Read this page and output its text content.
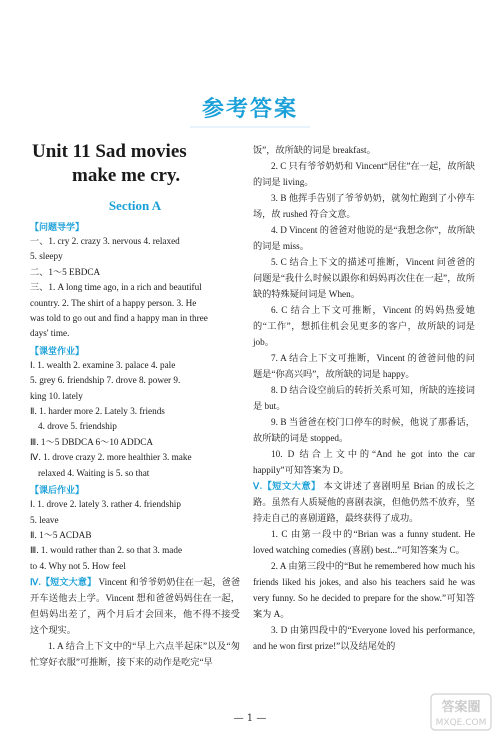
参考答案
Unit 11 Sad movies
make me cry.
Section A
【问题导学】
一、1. cry 2. crazy 3. nervous 4. relaxed
5. sleepy
二、1～5 EBDCA
三、1. A long time ago, in a rich and beautiful
country. 2. The shirt of a happy person. 3. He
was told to go out and find a happy man in three
days' time.
【课堂作业】
Ⅰ. 1. wealth 2. examine 3. palace 4. pale
5. grey 6. friendship 7. drove 8. power 9.
king 10. lately
Ⅱ. 1. harder more 2. Lately 3. friends
4. drove 5. friendship
Ⅲ. 1～5 DBDCA 6～10 ADDCA
Ⅳ. 1. drove crazy 2. more healthier 3. make
relaxed 4. Waiting is 5. so that
【课后作业】
Ⅰ. 1. drove 2. lately 3. rather 4. friendship
5. leave
Ⅱ. 1～5 ACDAB
Ⅲ. 1. would rather than 2. so that 3. made
to 4. Why not 5. How feel
Ⅳ.【短文大意】 Vincent 和爷爷奶奶住在一起，爸爸开车送他去上学。Vincent 想和爸爸妈妈住在一起，但妈妈出差了，两个月后才会回来，他不得不接受这个现实。
1. A 结合上下文中的“早上六点半起床”以及“匆忙穿好衣服”可推断，接下来的动作是吃完“早
饭”，故所缺的词是 breakfast。
2. C 只有爷爷奶奶和 Vincent“居住”在一起，故所缺的词是 living。
3. B 他挥手告别了爷爷奶奶，就匆忙跑到了小停车场，故 rushed 符合文意。
4. D Vincent 的爸爸对他说的是“我想念你”，故所缺的词是 miss。
5. C 结合上下文的描述可推断，Vincent 问爸爸的问题是“我什么时候以跟你和妈妈再次住在一起”，故所缺的特殊疑问词是 When。
6. C 结合上下文可推断，Vincent 的妈妈热爱她的“工作”，想抓住机会见更多的客户，故所缺的词是 job。
7. A 结合上下文可推断，Vincent 的爸爸问他的问题是“你高兴吗”，故所缺的词是 happy。
8. D 结合设空前后的转折关系可知，所缺的连接词是 but。
9. B 当爸爸在校门口停车的时候，他说了那番话，故所缺的词是 stopped。
10. D 结合上文中的“And he got into the car happily”可知答案为 D。
Ⅴ.【短文大意】 本文讲述了喜剧明星 Brian 的成长之路。虽然有人质疑他的喜剧表演，但他仍然不放弃，坚持走自己的喜剧道路，最终获得了成功。
1. C 由第一段中的“Brian was a funny student. He loved watching comedies (喜剧) best...”可知答案为 C。
2. A 由第三段中的“But he remembered how much his friends liked his jokes, and also his teachers said he was very funny. So he decided to prepare for the show.”可知答案为 A。
3. D 由第四段中的“Everyone loved his performance, and he won first prize!”以及结尾处的
— 1 —
答案圈
MXQE.COM
